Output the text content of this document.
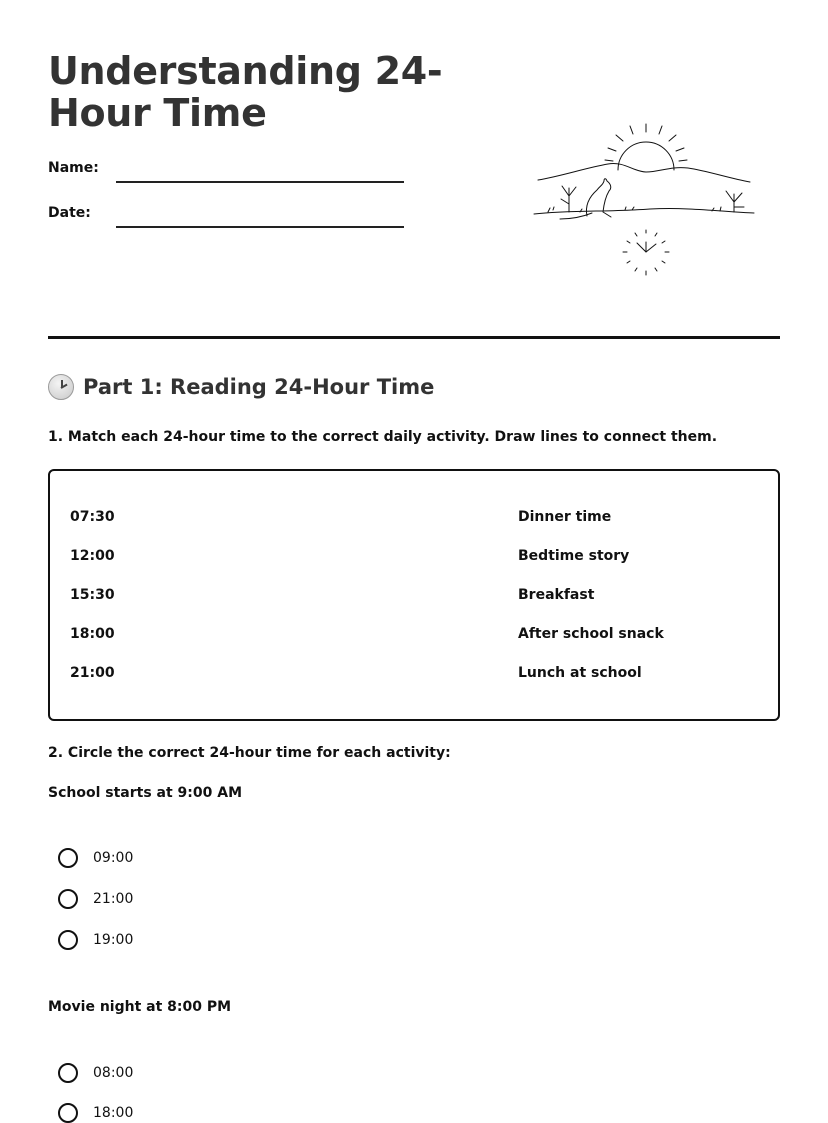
Understanding 24-Hour Time
Name:
Date:
Part 1: Reading 24-Hour Time

1. Match each 24-hour time to the correct daily activity. Draw lines to connect them.

07:30
12:00
15:30
18:00
21:00
Dinner time
Bedtime story
Breakfast
After school snack
Lunch at school

2. Circle the correct 24-hour time for each activity:

School starts at 9:00 AM

09:00
21:00
19:00

Movie night at 8:00 PM

08:00
18:00
